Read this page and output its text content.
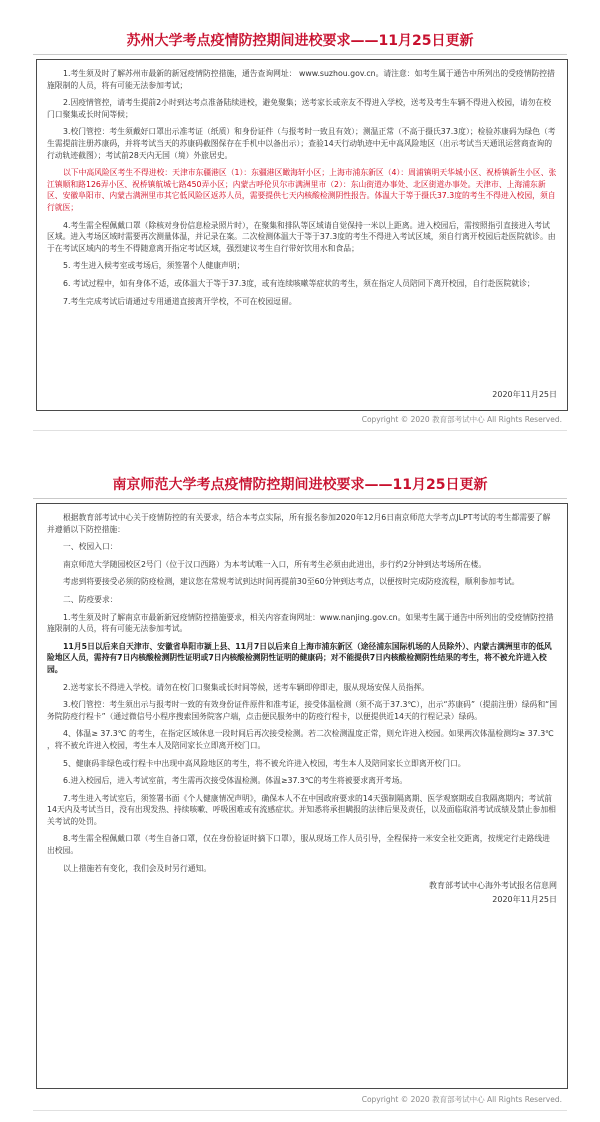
苏州大学考点疫情防控期间进校要求——11月25日更新

1.考生须及时了解苏州市最新的新冠疫情防控措施，通告查询网址： www.suzhou.gov.cn。请注意：如考生属于通告中所列出的受疫情防控措施限制的人员，将有可能无法参加考试；

2.因疫情管控，请考生提前2小时到达考点准备陆续进校，避免聚集；送考家长或亲友不得进入学校，送考及考生车辆不得进入校园，请勿在校门口聚集或长时间等候；

3.校门管控：考生须戴好口罩出示准考证（纸质）和身份证件（与报考时一致且有效）；测温正常（不高于摄氏37.3度）；检验苏康码为绿色（考生需提前注册苏康码，并将考试当天的苏康码截图保存在手机中以备出示）；查验14天行动轨迹中无中高风险地区（出示考试当天通讯运营商查询的行动轨迹截图）；考试前28天内无国（境）外旅居史。

以下中高风险区考生不得进校：天津市东疆港区（1）：东疆港区瞰海轩小区；上海市浦东新区（4）：周浦镇明天华城小区、祝桥镇新生小区、张江镇顺和路126弄小区、祝桥镇航城七路450弄小区；内蒙古呼伦贝尔市满洲里市（2）：东山街道办事处、北区街道办事处。天津市、上海浦东新区、安徽阜阳市、内蒙古满洲里市其它低风险区返苏人员，需要提供七天内核酸检测阴性报告。体温大于等于摄氏37.3度的考生不得进入校园，须自行就医；

4.考生需全程佩戴口罩（除核对身份信息检录照片时），在聚集和排队等区域请自觉保持一米以上距离。进入校园后，需按照指引直接进入考试区域。进入考场区域时需要再次测量体温，并记录在案。二次检测体温大于等于37.3度的考生不得进入考试区域，须自行离开校园后赴医院就诊。由于在考试区域内的考生不得随意离开指定考试区域，强烈建议考生自行带好饮用水和食品；

5. 考生进入候考室或考场后，须签署个人健康声明；

6. 考试过程中，如有身体不适，或体温大于等于37.3度，或有连续咳嗽等症状的考生，须在指定人员陪同下离开校园，自行赴医院就诊；

7.考生完成考试后请通过专用通道直接离开学校，不可在校园逗留。

2020年11月25日
Copyright © 2020 教育部考试中心 All Rights Reserved.
南京师范大学考点疫情防控期间进校要求——11月25日更新

根据教育部考试中心关于疫情防控的有关要求，结合本考点实际，所有报名参加2020年12月6日南京师范大学考点JLPT考试的考生都需要了解并遵循以下防控措施：

一、校园入口：

南京师范大学随园校区2号门（位于汉口西路）为本考试唯一入口，所有考生必须由此进出，步行约2分钟到达考场所在楼。

考虑到将要接受必须的防疫检测，建议您在常规考试到达时间再提前30至60分钟到达考点，以便按时完成防疫流程，顺利参加考试。

二、防疫要求：

1.考生须及时了解南京市最新新冠疫情防控措施要求，相关内容查询网址：www.nanjing.gov.cn。如果考生属于通告中所列出的受疫情防控措施限制的人员，将有可能无法参加考试。

11月5日以后来自天津市、安徽省阜阳市颍上县、11月7日以后来自上海市浦东新区（途径浦东国际机场的人员除外）、内蒙古满洲里市的低风险地区人员，需持有7日内核酸检测阴性证明或7日内核酸检测阴性证明的健康码；对不能提供7日内核酸检测阴性结果的考生，将不被允许进入校园。

2.送考家长不得进入学校。请勿在校门口聚集或长时间等候，送考车辆即停即走，服从现场安保人员指挥。

3.校门管控：考生须出示与报考时一致的有效身份证件原件和准考证，接受体温检测（须不高于37.3℃），出示“苏康码”（提前注册）绿码和“国务院防疫行程卡”（通过微信号小程序搜索国务院客户端，点击便民服务中的防疫行程卡，以便提供近14天的行程记录）绿码。

4、体温≥ 37.3℃ 的考生，在指定区域休息一段时间后再次接受检测。若二次检测温度正常，则允许进入校园。如果两次体温检测均≥ 37.3℃ ，将不被允许进入校园，考生本人及陪同家长立即离开校门口。

5、健康码非绿色或行程卡中出现中高风险地区的考生，将不被允许进入校园，考生本人及陪同家长立即离开校门口。

6.进入校园后，进入考试室前，考生需再次接受体温检测。体温≥37.3℃的考生将被要求离开考场。

7.考生进入考试室后，须签署书面《个人健康情况声明》，确保本人不在中国政府要求的14天强制隔离期、医学观察期或自我隔离期内；考试前14天内及考试当日，没有出现发热、持续咳嗽、呼吸困难或有流感症状。并知悉将承担瞒报的法律后果及责任，以及面临取消考试成绩及禁止参加相关考试的处罚。

8.考生需全程佩戴口罩（考生自备口罩，仅在身份验证时摘下口罩），服从现场工作人员引导，全程保持一米安全社交距离，按规定行走路线进出校园。

以上措施若有变化，我们会及时另行通知。

教育部考试中心海外考试报名信息网

2020年11月25日

Copyright © 2020 教育部考试中心 All Rights Reserved.
